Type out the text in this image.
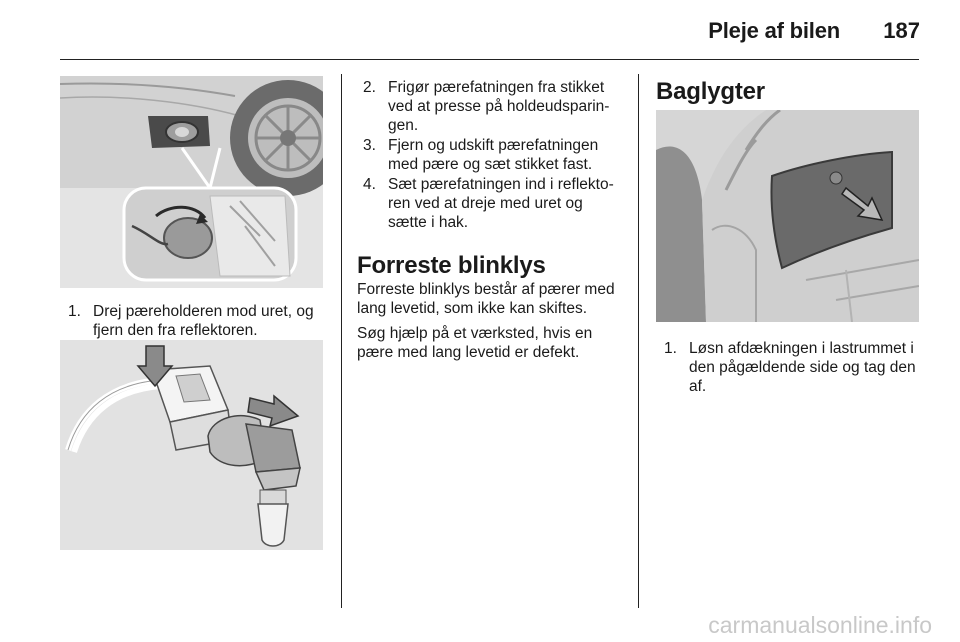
Pleje af bilen	187
1. Drej pæreholderen mod uret, og fjern den fra reflektoren.
2. Frigør pærefatningen fra stikket ved at presse på holdeudsparin-gen.
3. Fjern og udskift pærefatningen med pære og sæt stikket fast.
4. Sæt pærefatningen ind i reflekto-ren ved at dreje med uret og sætte i hak.
Forreste blinklys
Forreste blinklys består af pærer med lang levetid, som ikke kan skiftes.
Søg hjælp på et værksted, hvis en pære med lang levetid er defekt.
Baglygter
1. Løsn afdækningen i lastrummet i den pågældende side og tag den af.
carmanualsonline.info
